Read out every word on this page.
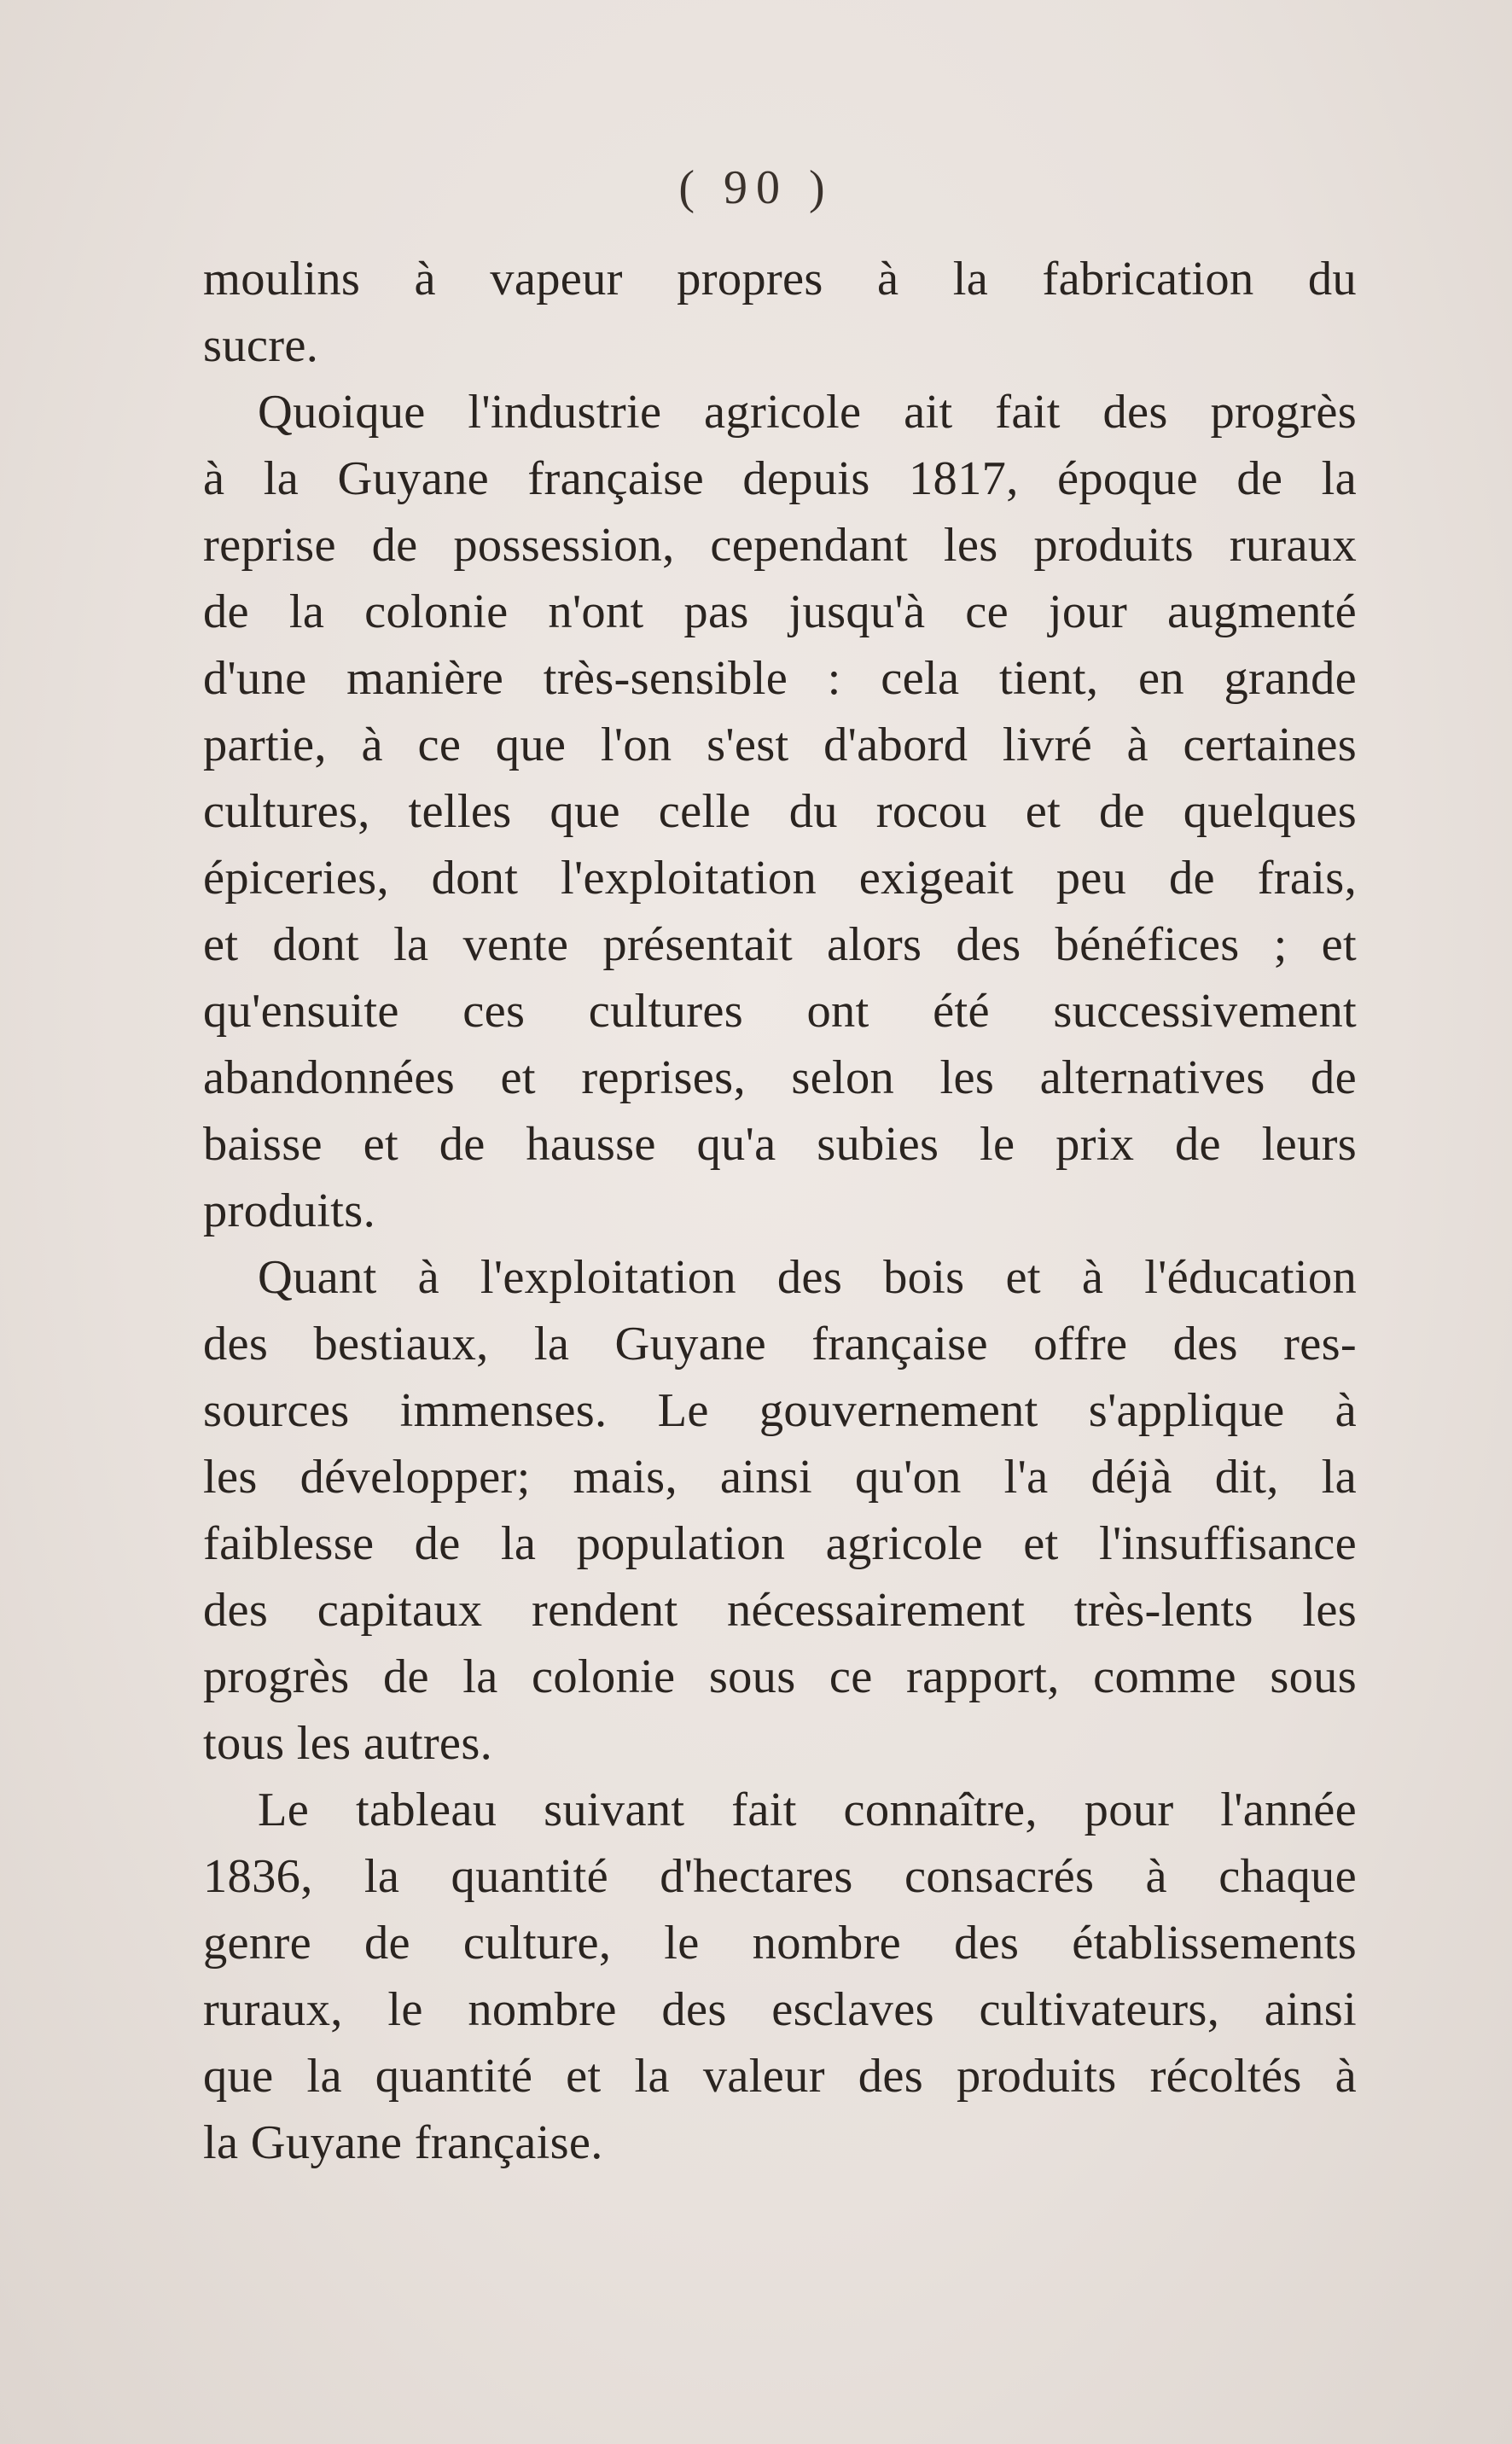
( 90 )
moulins à vapeur propres à la fabrication du
sucre.
Quoique l'industrie agricole ait fait des progrès
à la Guyane française depuis 1817, époque de la
reprise de possession, cependant les produits ruraux
de la colonie n'ont pas jusqu'à ce jour augmenté
d'une manière très-sensible : cela tient, en grande
partie, à ce que l'on s'est d'abord livré à certaines
cultures, telles que celle du rocou et de quelques
épiceries, dont l'exploitation exigeait peu de frais,
et dont la vente présentait alors des bénéfices ; et
qu'ensuite ces cultures ont été successivement
abandonnées et reprises, selon les alternatives de
baisse et de hausse qu'a subies le prix de leurs
produits.
Quant à l'exploitation des bois et à l'éducation
des bestiaux, la Guyane française offre des res-
sources immenses. Le gouvernement s'applique à
les développer; mais, ainsi qu'on l'a déjà dit, la
faiblesse de la population agricole et l'insuffisance
des capitaux rendent nécessairement très-lents les
progrès de la colonie sous ce rapport, comme sous
tous les autres.
Le tableau suivant fait connaître, pour l'année
1836, la quantité d'hectares consacrés à chaque
genre de culture, le nombre des établissements
ruraux, le nombre des esclaves cultivateurs, ainsi
que la quantité et la valeur des produits récoltés à
la Guyane française.
